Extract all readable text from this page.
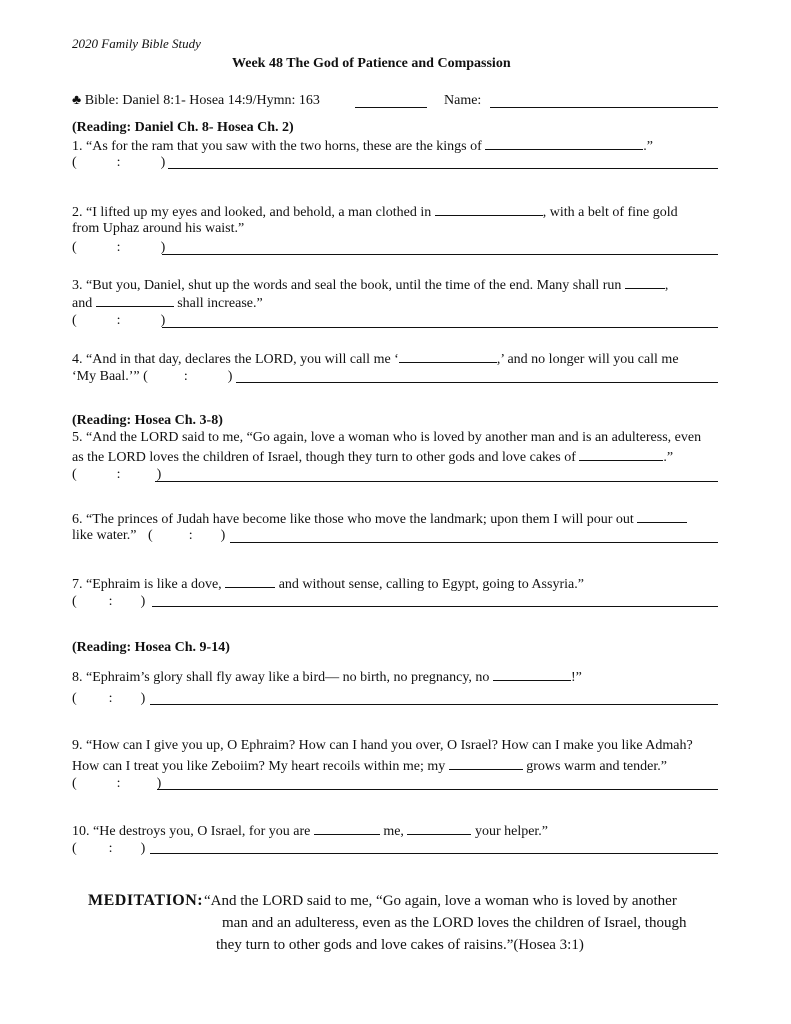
2020 Family Bible Study
Week 48 The God of Patience and Compassion
♣ Bible: Daniel 8:1- Hosea 14:9/Hymn: 163	Name:
(Reading: Daniel Ch. 8- Hosea Ch. 2)
1. “As for the ram that you saw with the two horns, these are the kings of	.”
(	:	)
2. “I lifted up my eyes and looked, and behold, a man clothed in	, with a belt of fine gold
from Uphaz around his waist.”
(	:	)
3. “But you, Daniel, shut up the words and seal the book, until the time of the end. Many shall run	,
and	shall increase.”
(	:	)
4. “And in that day, declares the LORD, you will call me ‘	,’ and no longer will you call me
‘My Baal.’” (	:	)
(Reading: Hosea Ch. 3-8)
5. “And the LORD said to me, “Go again, love a woman who is loved by another man and is an adulteress, even
as the LORD loves the children of Israel, though they turn to other gods and love cakes of	.”
(	:	)
6. “The princes of Judah have become like those who move the landmark; upon them I will pour out
like water.” (	: )
7. “Ephraim is like a dove,	and without sense, calling to Egypt, going to Assyria.”
( : )
(Reading: Hosea Ch. 9-14)
8. “Ephraim’s glory shall fly away like a bird— no birth, no pregnancy, no	!”
( : )
9. “How can I give you up, O Ephraim? How can I hand you over, O Israel? How can I make you like Admah?
How can I treat you like Zeboiim? My heart recoils within me; my	grows warm and tender.”
(	:	)
10. “He destroys you, O Israel, for you are	me,	your helper.”
( : )
MEDITATION: “And the LORD said to me, “Go again, love a woman who is loved by another
man and an adulteress, even as the LORD loves the children of Israel, though
they turn to other gods and love cakes of raisins.”(Hosea 3:1)
